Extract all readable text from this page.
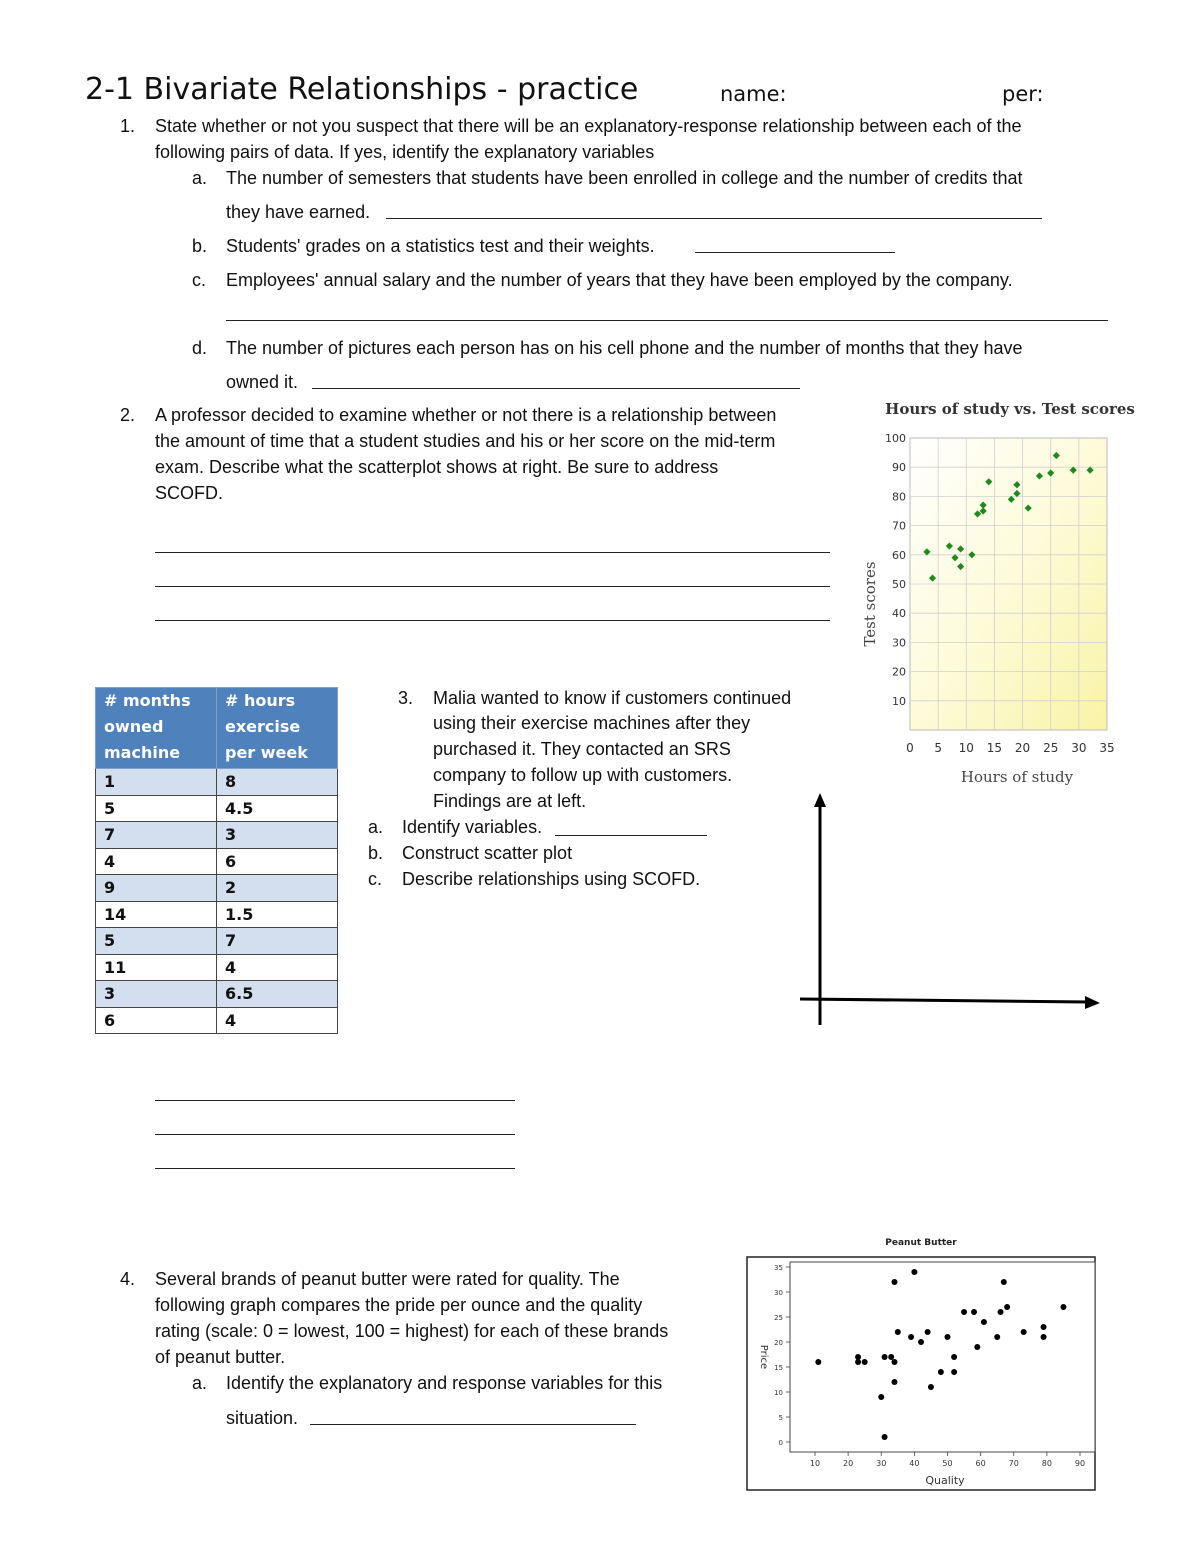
2-1 Bivariate Relationships - practice	name:	per:
1. State whether or not you suspect that there will be an explanatory-response relationship between each of the
following pairs of data. If yes, identify the explanatory variables
a. The number of semesters that students have been enrolled in college and the number of credits that
they have earned.
b. Students' grades on a statistics test and their weights.
c. Employees' annual salary and the number of years that they have been employed by the company.
d. The number of pictures each person has on his cell phone and the number of months that they have
owned it.
2. A professor decided to examine whether or not there is a relationship between
the amount of time that a student studies and his or her score on the mid-term
exam. Describe what the scatterplot shows at right. Be sure to address
SCOFD.
Hours of study vs. Test scores
0 5 10 15 20 25 30 35
10
20
30
40
50
60
70
80
90
100
Hours of study
Test scores
# months owned machine	# hours exercise per week
1	8
5	4.5
7	3
4	6
9	2
14	1.5
5	7
11	4
3	6.5
6	4
3. Malia wanted to know if customers continued
using their exercise machines after they
purchased it. They contacted an SRS
company to follow up with customers.
Findings are at left.
a. Identify variables.
b. Construct scatter plot
c. Describe relationships using SCOFD.
4. Several brands of peanut butter were rated for quality. The
following graph compares the pride per ounce and the quality
rating (scale: 0 = lowest, 100 = highest) for each of these brands
of peanut butter.
a. Identify the explanatory and response variables for this
situation.
Peanut Butter
10	20	30	40	50	60	70	80	90
0
5
10
15
20
25
30
35
Quality
Price
